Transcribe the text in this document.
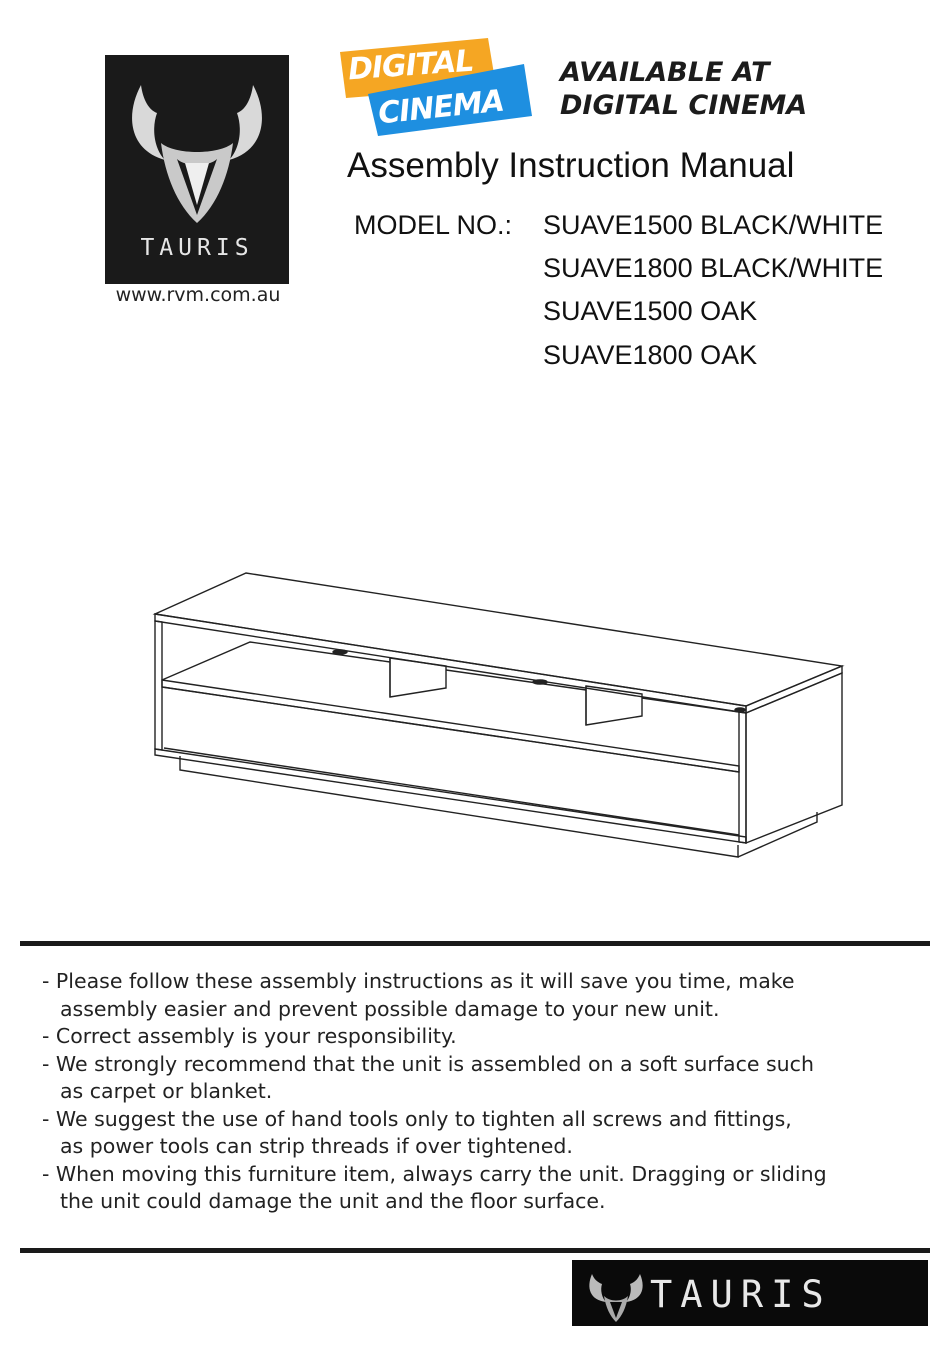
TAURIS
www.rvm.com.au
DIGITAL
CINEMA
AVAILABLE AT
DIGITAL CINEMA
Assembly Instruction Manual
MODEL NO.: SUAVE1500 BLACK/WHITE
SUAVE1800 BLACK/WHITE
SUAVE1500 OAK
SUAVE1800 OAK

- Please follow these assembly instructions as it will save you time, make
assembly easier and prevent possible damage to your new unit.

- Correct assembly is your responsibility.

- We strongly recommend that the unit is assembled on a soft surface such
as carpet or blanket.

- We suggest the use of hand tools only to tighten all screws and fittings,
as power tools can strip threads if over tightened.

- When moving this furniture item, always carry the unit. Dragging or sliding
the unit could damage the unit and the floor surface.

TAURIS
